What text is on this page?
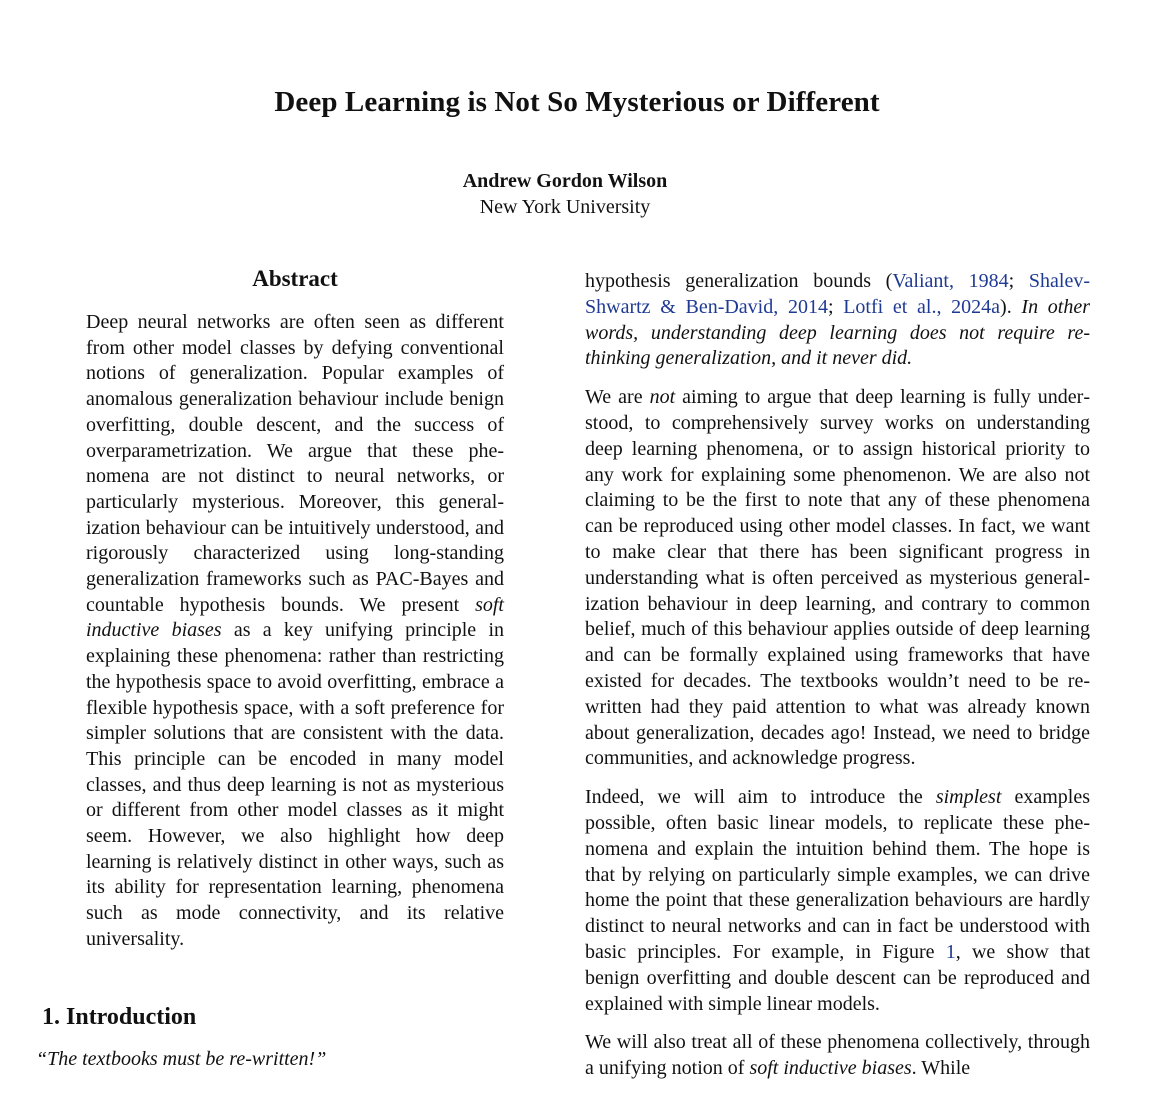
Deep Learning is Not So Mysterious or Different
Andrew Gordon Wilson
New York University
Abstract
Deep neural networks are often seen as different from other model classes by defying conventional notions of generalization. Popular examples of anomalous generalization behaviour include benign overfitting, double descent, and the success of overparametrization. We argue that these phenomena are not distinct to neural networks, or particularly mysterious. Moreover, this generalization behaviour can be intuitively understood, and rigorously characterized using long-standing generalization frameworks such as PAC-Bayes and countable hypothesis bounds. We present soft inductive biases as a key unifying principle in explaining these phenomena: rather than restricting the hypothesis space to avoid overfitting, embrace a flexible hypothesis space, with a soft preference for simpler solutions that are consistent with the data. This principle can be encoded in many model classes, and thus deep learning is not as mysterious or different from other model classes as it might seem. However, we also highlight how deep learning is relatively distinct in other ways, such as its ability for representation learning, phenomena such as mode connectivity, and its relative universality.
1. Introduction
“The textbooks must be re-written!”

hypothesis generalization bounds (Valiant, 1984; Shalev-Shwartz & Ben-David, 2014; Lotfi et al., 2024a). In other words, understanding deep learning does not require rethinking generalization, and it never did.

We are not aiming to argue that deep learning is fully understood, to comprehensively survey works on understanding deep learning phenomena, or to assign historical priority to any work for explaining some phenomenon. We are also not claiming to be the first to note that any of these phenomena can be reproduced using other model classes. In fact, we want to make clear that there has been significant progress in understanding what is often perceived as mysterious generalization behaviour in deep learning, and contrary to common belief, much of this behaviour applies outside of deep learning and can be formally explained using frameworks that have existed for decades. The textbooks wouldn’t need to be re-written had they paid attention to what was already known about generalization, decades ago! Instead, we need to bridge communities, and acknowledge progress.

Indeed, we will aim to introduce the simplest examples possible, often basic linear models, to replicate these phenomena and explain the intuition behind them. The hope is that by relying on particularly simple examples, we can drive home the point that these generalization behaviours are hardly distinct to neural networks and can in fact be understood with basic principles. For example, in Figure 1, we show that benign overfitting and double descent can be reproduced and explained with simple linear models.

We will also treat all of these phenomena collectively, through a unifying notion of soft inductive biases. While
